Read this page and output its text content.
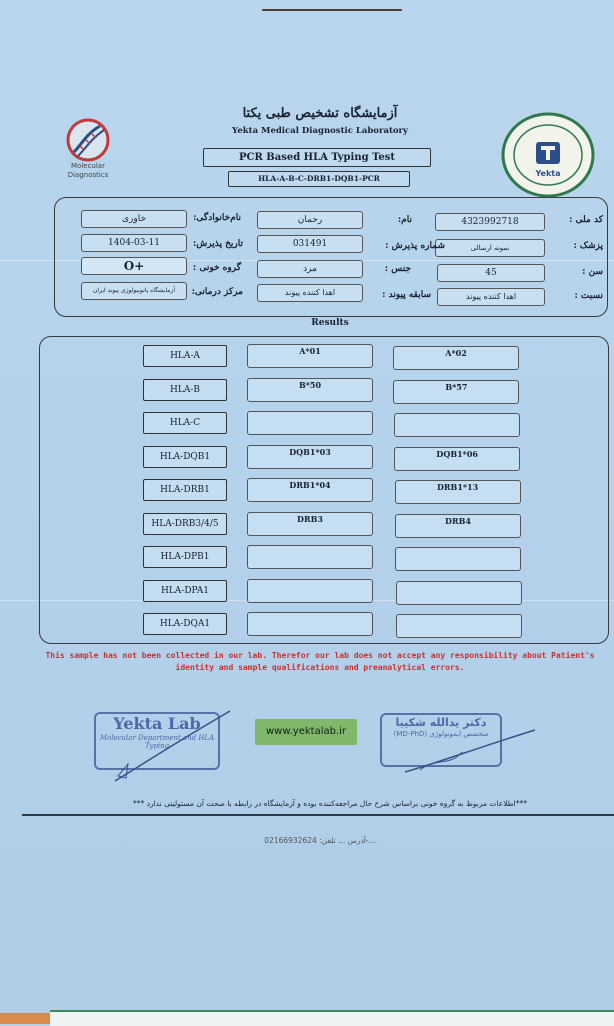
Molecular Diagnostics
آزمایشگاه تشخیص طبی یکتا
Yekta Medical Diagnostic Laboratory
PCR Based HLA Typing Test
HLA-A-B-C-DRB1-DQB1-PCR
Yekta
کد ملی :
4323992718
نام:
رحمان
نام‌خانوادگی:
خاوری
پزشک :
نمونه ارسالی
شماره پذیرش :
031491
تاریخ پذیرش:
1404-03-11
سن :
45
جنس :
مرد
گروه خونی :
O+
نسبت :
اهدا کننده پیوند
سابقه پیوند :
اهدا کننده پیوند
مرکز درمانی:
آزمایشگاه پاتوبیولوژی پیوند ایران
Results
HLA-A	A*01	A*02
HLA-B	B*50	B*57
HLA-C
HLA-DQB1	DQB1*03	DQB1*06
HLA-DRB1	DRB1*04	DRB1*13
HLA-DRB3/4/5	DRB3	DRB4
HLA-DPB1
HLA-DPA1
HLA-DQA1
This sample has not been collected in our lab. Therefor our lab does not accept any responsibility about Patient's identity and sample qualifications and preanalytical errors.
Yekta Lab
Molecular Department and HLA Typing
www.yektalab.ir
دکتر یدالله شکیبا
(MD-PhD) متخصص ایمونولوژی
***اطلاعات مربوط به گروه خونی براساس شرح حال مراجعه‌کننده بوده و آزمایشگاه در رابطه با صحت آن مسئولیتی ندارد ***
آدرس ... تلفن: 02166932624-...
